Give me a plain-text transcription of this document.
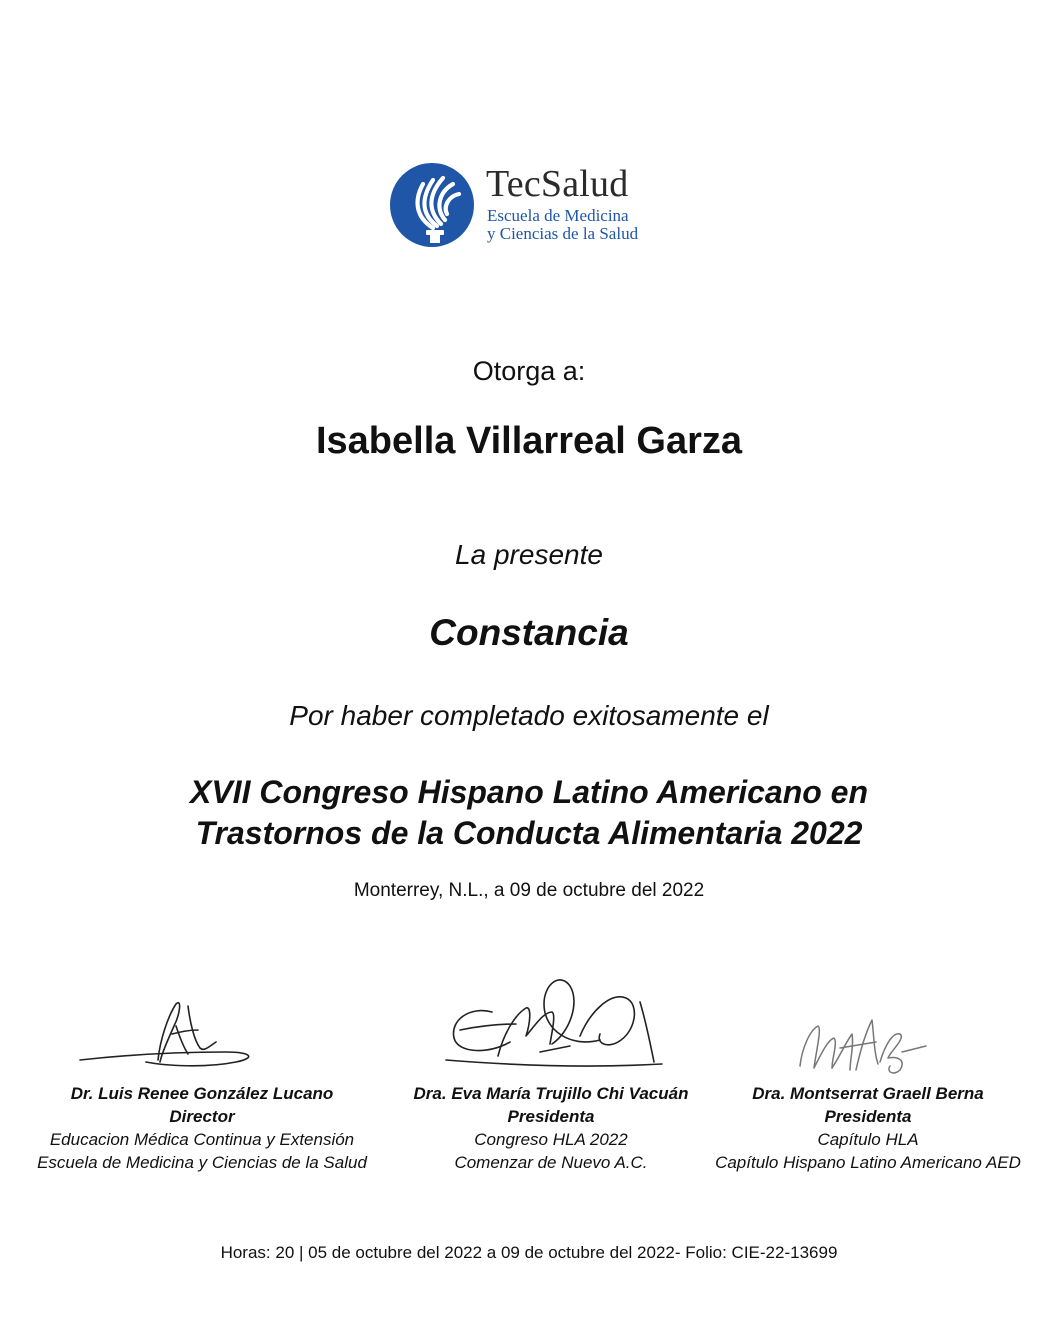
TecSalud
Escuela de Medicina
y Ciencias de la Salud
Otorga a:
Isabella Villarreal Garza
La presente
Constancia
Por haber completado exitosamente el
XVII Congreso Hispano Latino Americano en
Trastornos de la Conducta Alimentaria 2022
Monterrey, N.L., a 09 de octubre del 2022
Dr. Luis Renee González Lucano
Director
Educacion Médica Continua y Extensión
Escuela de Medicina y Ciencias de la Salud
Dra. Eva María Trujillo Chi Vacuán
Presidenta
Congreso HLA 2022
Comenzar de Nuevo A.C.
Dra. Montserrat Graell Berna
Presidenta
Capítulo HLA
Capítulo Hispano Latino Americano AED
Horas: 20 | 05 de octubre del 2022 a 09 de octubre del 2022- Folio: CIE-22-13699
